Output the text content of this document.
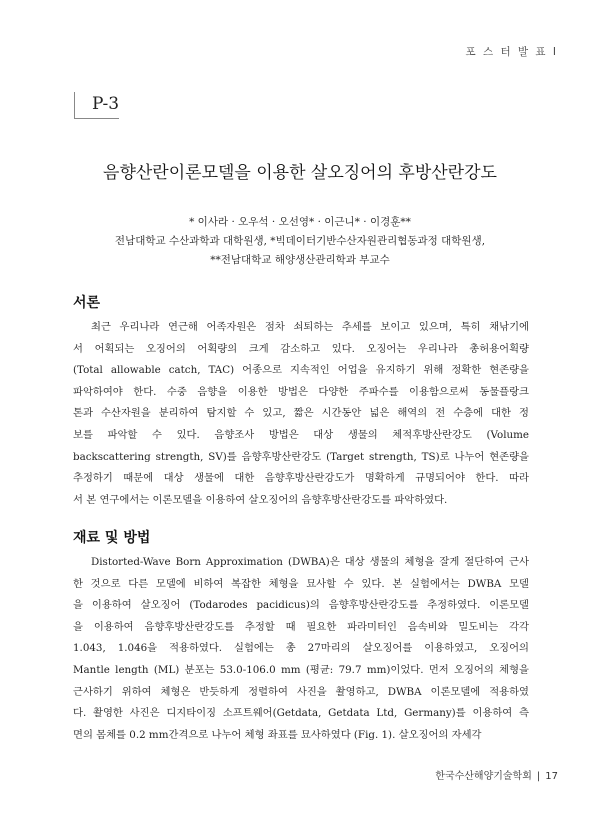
포 스 터 발 표 Ⅰ
P-3
음향산란이론모델을 이용한 살오징어의 후방산란강도
* 이사라 · 오우석 · 오선영* · 이근니* · 이경훈**
전남대학교 수산과학과 대학원생, *빅데이터기반수산자원관리협동과정 대학원생,
**전남대학교 해양생산관리학과 부교수
서론
최근 우리나라 연근해 어족자원은 점차 쇠퇴하는 추세를 보이고 있으며, 특히 채낚기에
서 어획되는 오징어의 어획량의 크게 감소하고 있다. 오징어는 우리나라 총허용어획량
(Total allowable catch, TAC) 어종으로 지속적인 어업을 유지하기 위해 정확한 현존량을
파악하여야 한다. 수중 음향을 이용한 방법은 다양한 주파수를 이용함으로써 동물플랑크
톤과 수산자원을 분리하여 탐지할 수 있고, 짧은 시간동안 넓은 해역의 전 수층에 대한 정
보를 파악할 수 있다. 음향조사 방법은 대상 생물의 체적후방산란강도 (Volume
backscattering strength, SV)를 음향후방산란강도 (Target strength, TS)로 나누어 현존량을
추정하기 때문에 대상 생물에 대한 음향후방산란강도가 명확하게 규명되어야 한다. 따라
서 본 연구에서는 이론모델을 이용하여 살오징어의 음향후방산란강도를 파악하였다.
재료 및 방법
Distorted-Wave Born Approximation (DWBA)은 대상 생물의 체형을 잘게 절단하여 근사
한 것으로 다른 모델에 비하여 복잡한 체형을 묘사할 수 있다. 본 실험에서는 DWBA 모델
을 이용하여 살오징어 (Todarodes pacidicus)의 음향후방산란강도를 추정하였다. 이론모델
을 이용하여 음향후방산란강도를 추정할 때 필요한 파라미터인 음속비와 밀도비는 각각
1.043, 1.046을 적용하였다. 실험에는 총 27마리의 살오징어를 이용하였고, 오징어의
Mantle length (ML) 분포는 53.0-106.0 mm (평균: 79.7 mm)이었다. 먼저 오징어의 체형을
근사하기 위하여 체형은 반듯하게 정렬하여 사진을 촬영하고, DWBA 이론모델에 적용하였
다. 촬영한 사진은 디지타이징 소프트웨어(Getdata, Getdata Ltd, Germany)를 이용하여 측
면의 몸체를 0.2 mm간격으로 나누어 체형 좌표를 묘사하였다 (Fig. 1). 살오징어의 자세각
한국수산해양기술학회 | 17
